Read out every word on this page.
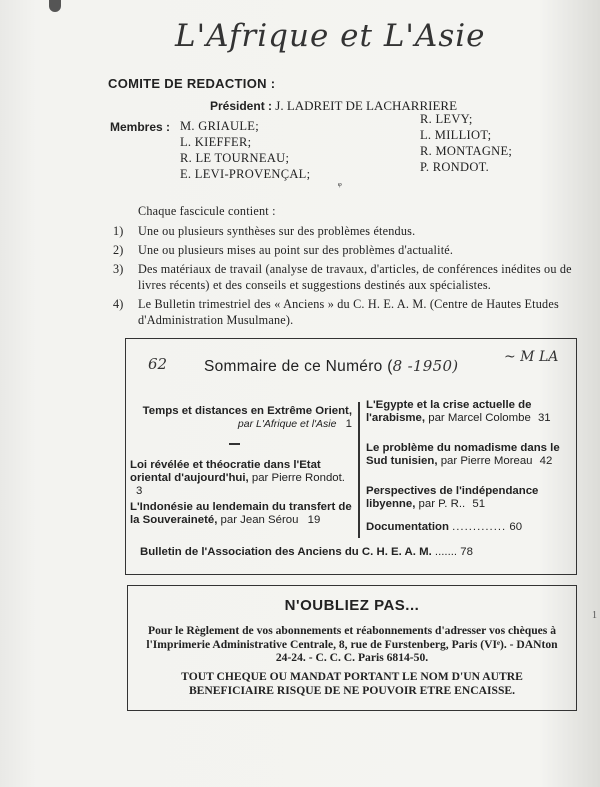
L'Afrique et L'Asie
COMITE DE REDACTION :
Président : J. LADREIT DE LACHARRIERE
Membres : M. GRIAULE;
L. KIEFFER;
R. LE TOURNEAU;
E. LEVI-PROVENÇAL;
R. LEVY;
L. MILLIOT;
R. MONTAGNE;
P. RONDOT.
ᵠ
Chaque fascicule contient :
1)	Une ou plusieurs synthèses sur des problèmes étendus.
2)	Une ou plusieurs mises au point sur des problèmes d'actualité.
3)	Des matériaux de travail (analyse de travaux, d'articles, de conférences inédites ou de livres récents) et des conseils et suggestions destinés aux spécialistes.
4)	Le Bulletin trimestriel des « Anciens » du C. H. E. A. M. (Centre de Hautes Etudes d'Administration Musulmane).
62 Sommaire de ce Numéro (8 -1950)	~ M LA
Temps et distances en Extrême Orient, par L'Afrique et l'Asie 1
Loi révélée et théocratie dans l'Etat oriental d'aujourd'hui, par Pierre Rondot. 3
L'Indonésie au lendemain du transfert de la Souveraineté, par Jean Sérou 19
L'Egypte et la crise actuelle de l'arabisme, par Marcel Colombe 31
Le problème du nomadisme dans le Sud tunisien, par Pierre Moreau 42
Perspectives de l'indépendance libyenne, par P. R.. 51
Documentation ............. 60
Bulletin de l'Association des Anciens du C. H. E. A. M. ....... 78
N'OUBLIEZ PAS...
Pour le Règlement de vos abonnements et réabonnements d'adresser vos chèques à l'Imprimerie Administrative Centrale, 8, rue de Furstenberg, Paris (VIᵉ). - DANton 24-24. - C. C. C. Paris 6814-50.
TOUT CHEQUE OU MANDAT PORTANT LE NOM D'UN AUTRE BENEFICIAIRE RISQUE DE NE POUVOIR ETRE ENCAISSE.
1
